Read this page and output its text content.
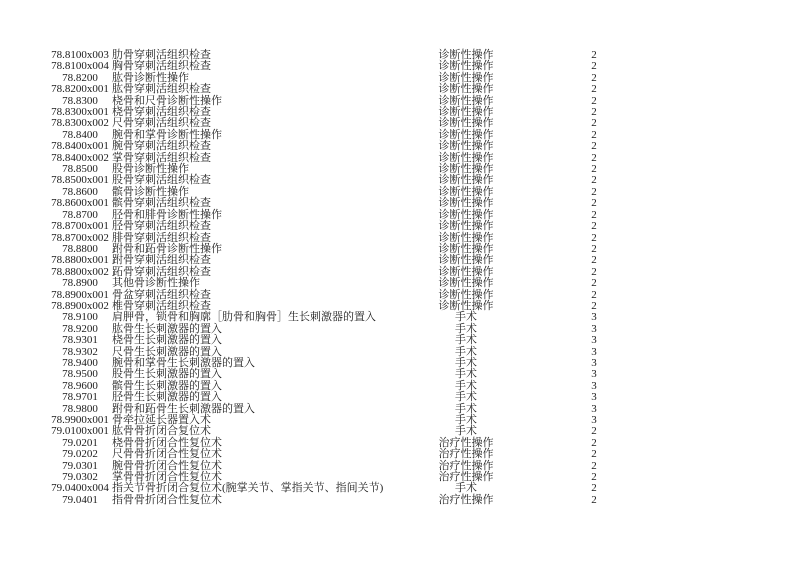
78.8100x003 肋骨穿刺活组织检查	诊断性操作	2
78.8100x004 胸骨穿刺活组织检查	诊断性操作	2
78.8200	肱骨诊断性操作	诊断性操作	2
78.8200x001 肱骨穿刺活组织检查	诊断性操作	2
78.8300	桡骨和尺骨诊断性操作	诊断性操作	2
78.8300x001 桡骨穿刺活组织检查	诊断性操作	2
78.8300x002 尺骨穿刺活组织检查	诊断性操作	2
78.8400	腕骨和掌骨诊断性操作	诊断性操作	2
78.8400x001 腕骨穿刺活组织检查	诊断性操作	2
78.8400x002 掌骨穿刺活组织检查	诊断性操作	2
78.8500	股骨诊断性操作	诊断性操作	2
78.8500x001 股骨穿刺活组织检查	诊断性操作	2
78.8600	髌骨诊断性操作	诊断性操作	2
78.8600x001 髌骨穿刺活组织检查	诊断性操作	2
78.8700	胫骨和腓骨诊断性操作	诊断性操作	2
78.8700x001 胫骨穿刺活组织检查	诊断性操作	2
78.8700x002 腓骨穿刺活组织检查	诊断性操作	2
78.8800	跗骨和跖骨诊断性操作	诊断性操作	2
78.8800x001 跗骨穿刺活组织检查	诊断性操作	2
78.8800x002 跖骨穿刺活组织检查	诊断性操作	2
78.8900	其他骨诊断性操作	诊断性操作	2
78.8900x001 骨盆穿刺活组织检查	诊断性操作	2
78.8900x002 椎骨穿刺活组织检查	诊断性操作	2
78.9100	肩胛骨，锁骨和胸廓［肋骨和胸骨］生长刺激器的置入	手术	3
78.9200	肱骨生长刺激器的置入	手术	3
78.9301	桡骨生长刺激器的置入	手术	3
78.9302	尺骨生长刺激器的置入	手术	3
78.9400	腕骨和掌骨生长刺激器的置入	手术	3
78.9500	股骨生长刺激器的置入	手术	3
78.9600	髌骨生长刺激器的置入	手术	3
78.9701	胫骨生长刺激器的置入	手术	3
78.9800	跗骨和跖骨生长刺激器的置入	手术	3
78.9900x001 骨牵拉延长器置入术	手术	3
79.0100x001 肱骨骨折闭合复位术	手术	2
79.0201	桡骨骨折闭合性复位术	治疗性操作	2
79.0202	尺骨骨折闭合性复位术	治疗性操作	2
79.0301	腕骨骨折闭合性复位术	治疗性操作	2
79.0302	掌骨骨折闭合性复位术	治疗性操作	2
79.0400x004 指关节骨折闭合复位术(腕掌关节、掌指关节、指间关节)	手术	2
79.0401	指骨骨折闭合性复位术	治疗性操作	2
